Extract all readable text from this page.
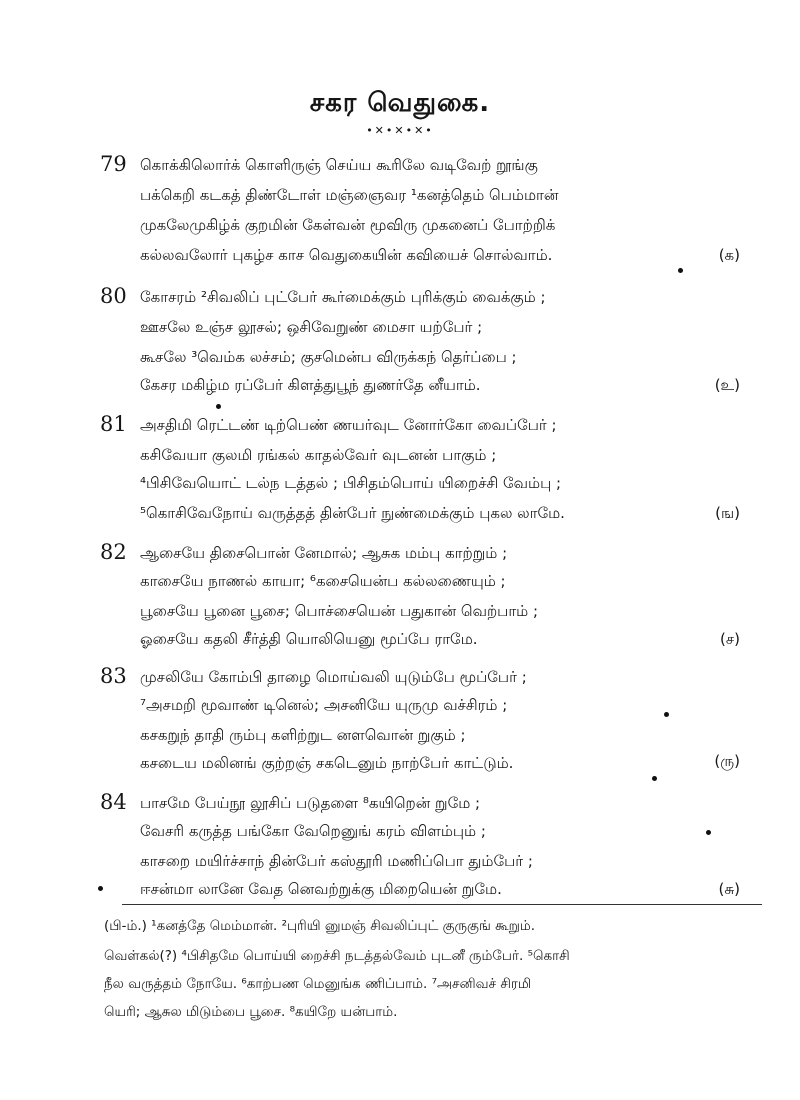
சகர வெதுகை.
•✕•✕•✕•
79 கொக்கிலொர்க் கொளிருஞ் செய்ய கூரிலே வடிவேற் றூங்கு
பக்கெறி கடகத் திண்டோள் மஞ்ஞைவர ¹கனத்தெம் பெம்மான்
முகலேமுகிழ்க் குறமின் கேள்வன் மூவிரு முகனைப் போற்றிக்
கல்லவலோர் புகழ்ச காச வெதுகையின் கவியைச் சொல்வாம்.	(க)
80 கோசரம் ²சிவலிப் புட்பேர் கூர்மைக்கும் புரிக்கும் வைக்கும் ;
ஊசலே உஞ்ச லூசல்; ஒசிவேறுண் மைசா யற்பேர் ;
கூசலே ³வெம்க லச்சம்; குசமென்ப விருக்கந் தெர்ப்பை ;
கேசர மகிழ்ம ரப்பேர் கிளத்துபூந் துணர்தே னீயாம்.	(உ)
81 அசதிமி ரெட்டண் டிற்பெண் ணயர்வுட னோர்கோ வைப்பேர் ;
கசிவேயா குலமி ரங்கல் காதல்வேர் வுடனன் பாகும் ;
⁴பிசிவேயொட் டல்ந டத்தல் ; பிசிதம்பொய் யிறைச்சி வேம்பு ;
⁵கொசிவேநோய் வருத்தத் தின்பேர் நுண்மைக்கும் புகல லாமே.	(ங)
82 ஆசையே திசைபொன் னேமால்; ஆசுக மம்பு காற்றும் ;
காசையே நாணல் காயா; ⁶கசையென்ப கல்லணையும் ;
பூசையே பூனை பூசை; பொச்சையென் பதுகான் வெற்பாம் ;
ஓசையே கதலி சீர்த்தி யொலியெனு மூப்பே ராமே.	(ச)
83 முசலியே கோம்பி தாழை மொய்வலி யுடும்பே மூப்பேர் ;
⁷அசமறி மூவாண் டினெல்; அசனியே யுருமு வச்சிரம் ;
கசகறுந் தாதி ரும்பு களிற்றுட னளவொன் றுகும் ;
கசடைய மலினங் குற்றஞ் சகடெனும் நாற்பேர் காட்டும்.	(ரு)
84 பாசமே பேய்நூ லூசிப் படுதளை ⁸கயிறென் றுமே ;
வேசரி கருத்த பங்கோ வேறெனுங் கரம் விளம்பும் ;
காசறை மயிர்ச்சாந் தின்பேர் கஸ்தூரி மணிப்பொ தும்பேர் ;
ஈசன்மா லானே வேத னெவற்றுக்கு மிறையென் றுமே.	(சு)
(பி-ம்.) ¹கனத்தே மெம்மான். ²புரியி னுமஞ் சிவலிப்புட் குருகுங் கூறும்.
வெள்கல்(?) ⁴பிசிதமே பொய்யி றைச்சி நடத்தல்வேம் புடனீ ரும்பேர். ⁵கொசி
நீல வருத்தம் நோயே. ⁶காற்பண மெனுங்க ணிப்பாம். ⁷அசனிவச் சிரமி
யெரி; ஆசுல மிடும்பை பூசை. ⁸கயிறே யன்பாம்.
